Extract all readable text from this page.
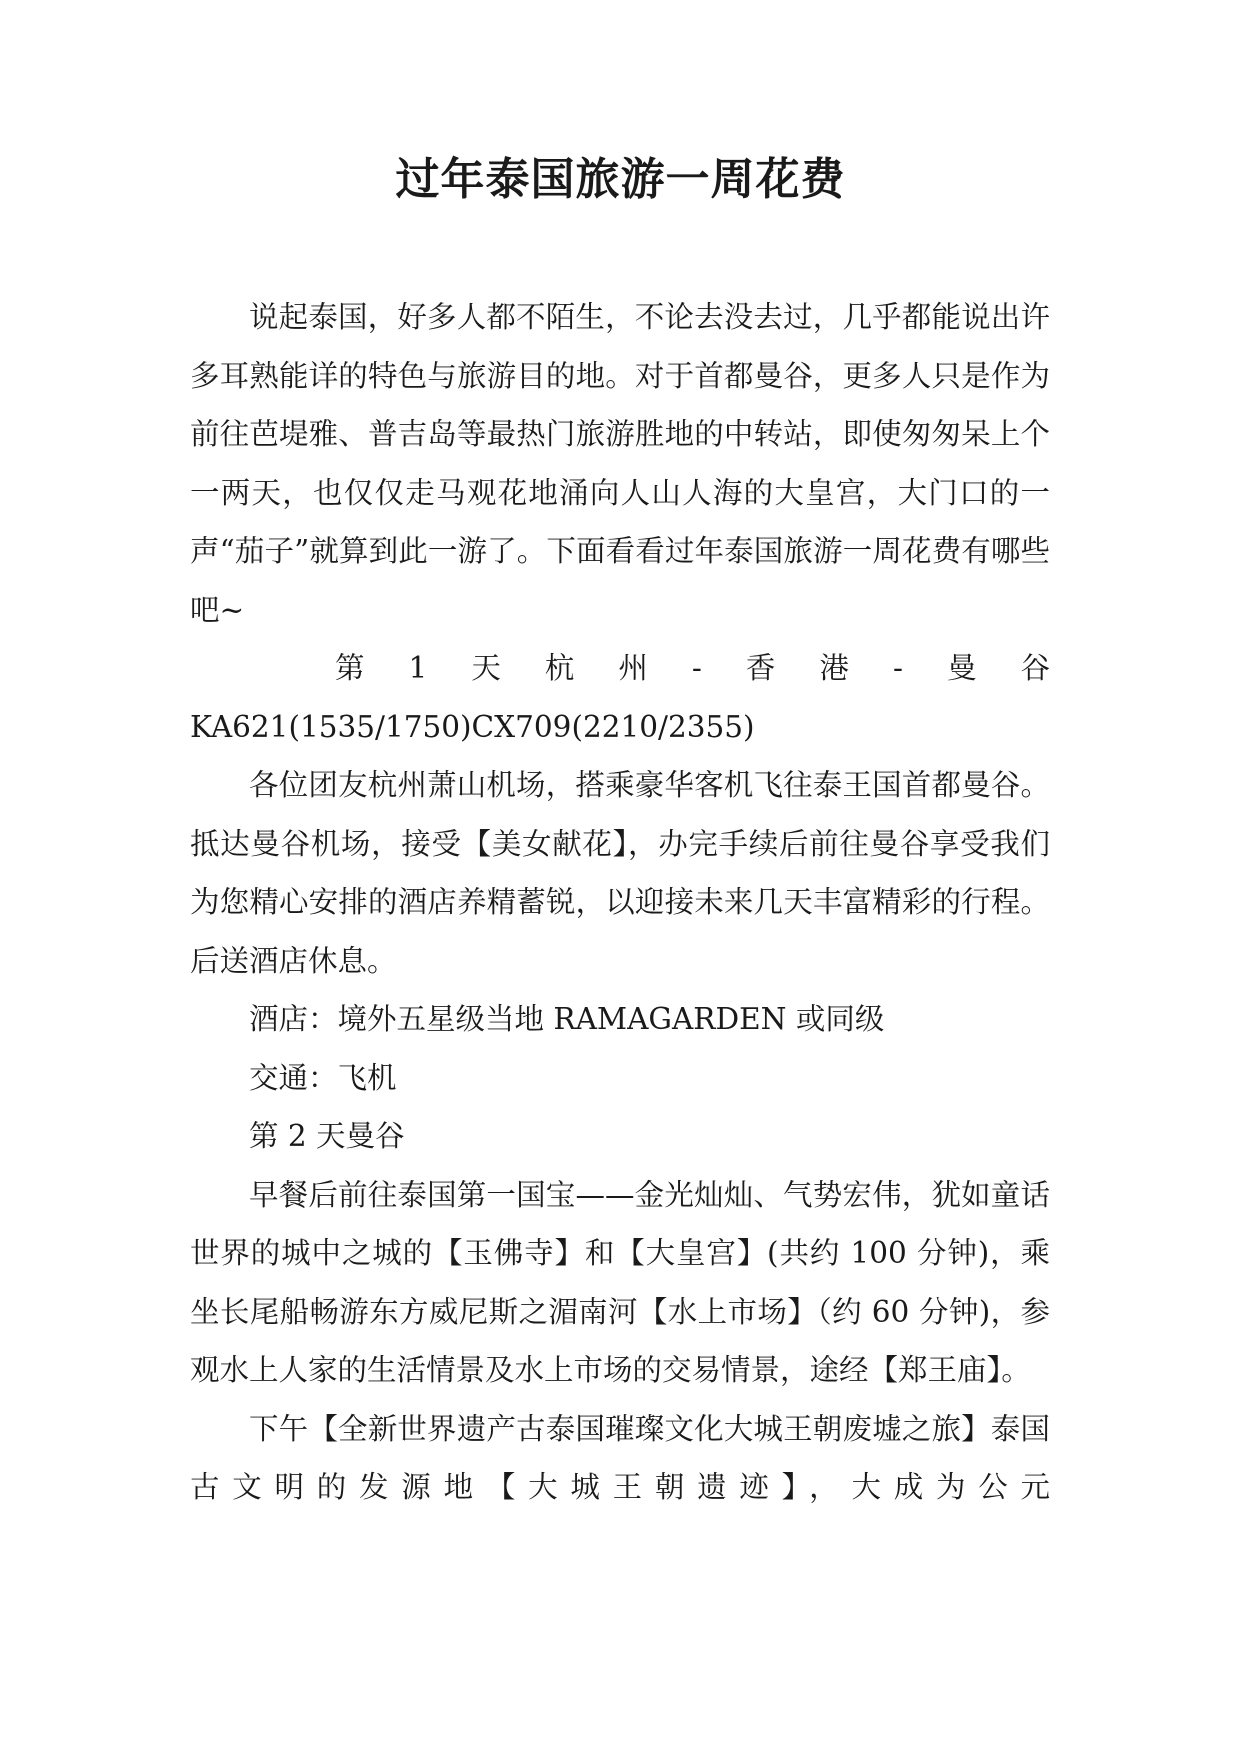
过年泰国旅游一周花费

说起泰国，好多人都不陌生，不论去没去过，几乎都能说出许多耳熟能详的特色与旅游目的地。对于首都曼谷，更多人只是作为前往芭堤雅、普吉岛等最热门旅游胜地的中转站，即使匆匆呆上个一两天，也仅仅走马观花地涌向人山人海的大皇宫，大门口的一声“茄子”就算到此一游了。下面看看过年泰国旅游一周花费有哪些吧~

第 1 天 杭 州 - 香 港 - 曼 谷
KA621(1535/1750)CX709(2210/2355)

各位团友杭州萧山机场，搭乘豪华客机飞往泰王国首都曼谷。抵达曼谷机场，接受【美女献花】，办完手续后前往曼谷享受我们为您精心安排的酒店养精蓄锐，以迎接未来几天丰富精彩的行程。后送酒店休息。

酒店：境外五星级当地 RAMAGARDEN 或同级

交通：飞机

第 2 天曼谷

早餐后前往泰国第一国宝——金光灿灿、气势宏伟，犹如童话世界的城中之城的【玉佛寺】和【大皇宫】(共约 100 分钟)，乘坐长尾船畅游东方威尼斯之湄南河【水上市场】（约 60 分钟)，参观水上人家的生活情景及水上市场的交易情景，途经【郑王庙】。

下午【全新世界遗产古泰国璀璨文化大城王朝废墟之旅】泰国古文明的发源地【大城王朝遗迹】，大成为公元
